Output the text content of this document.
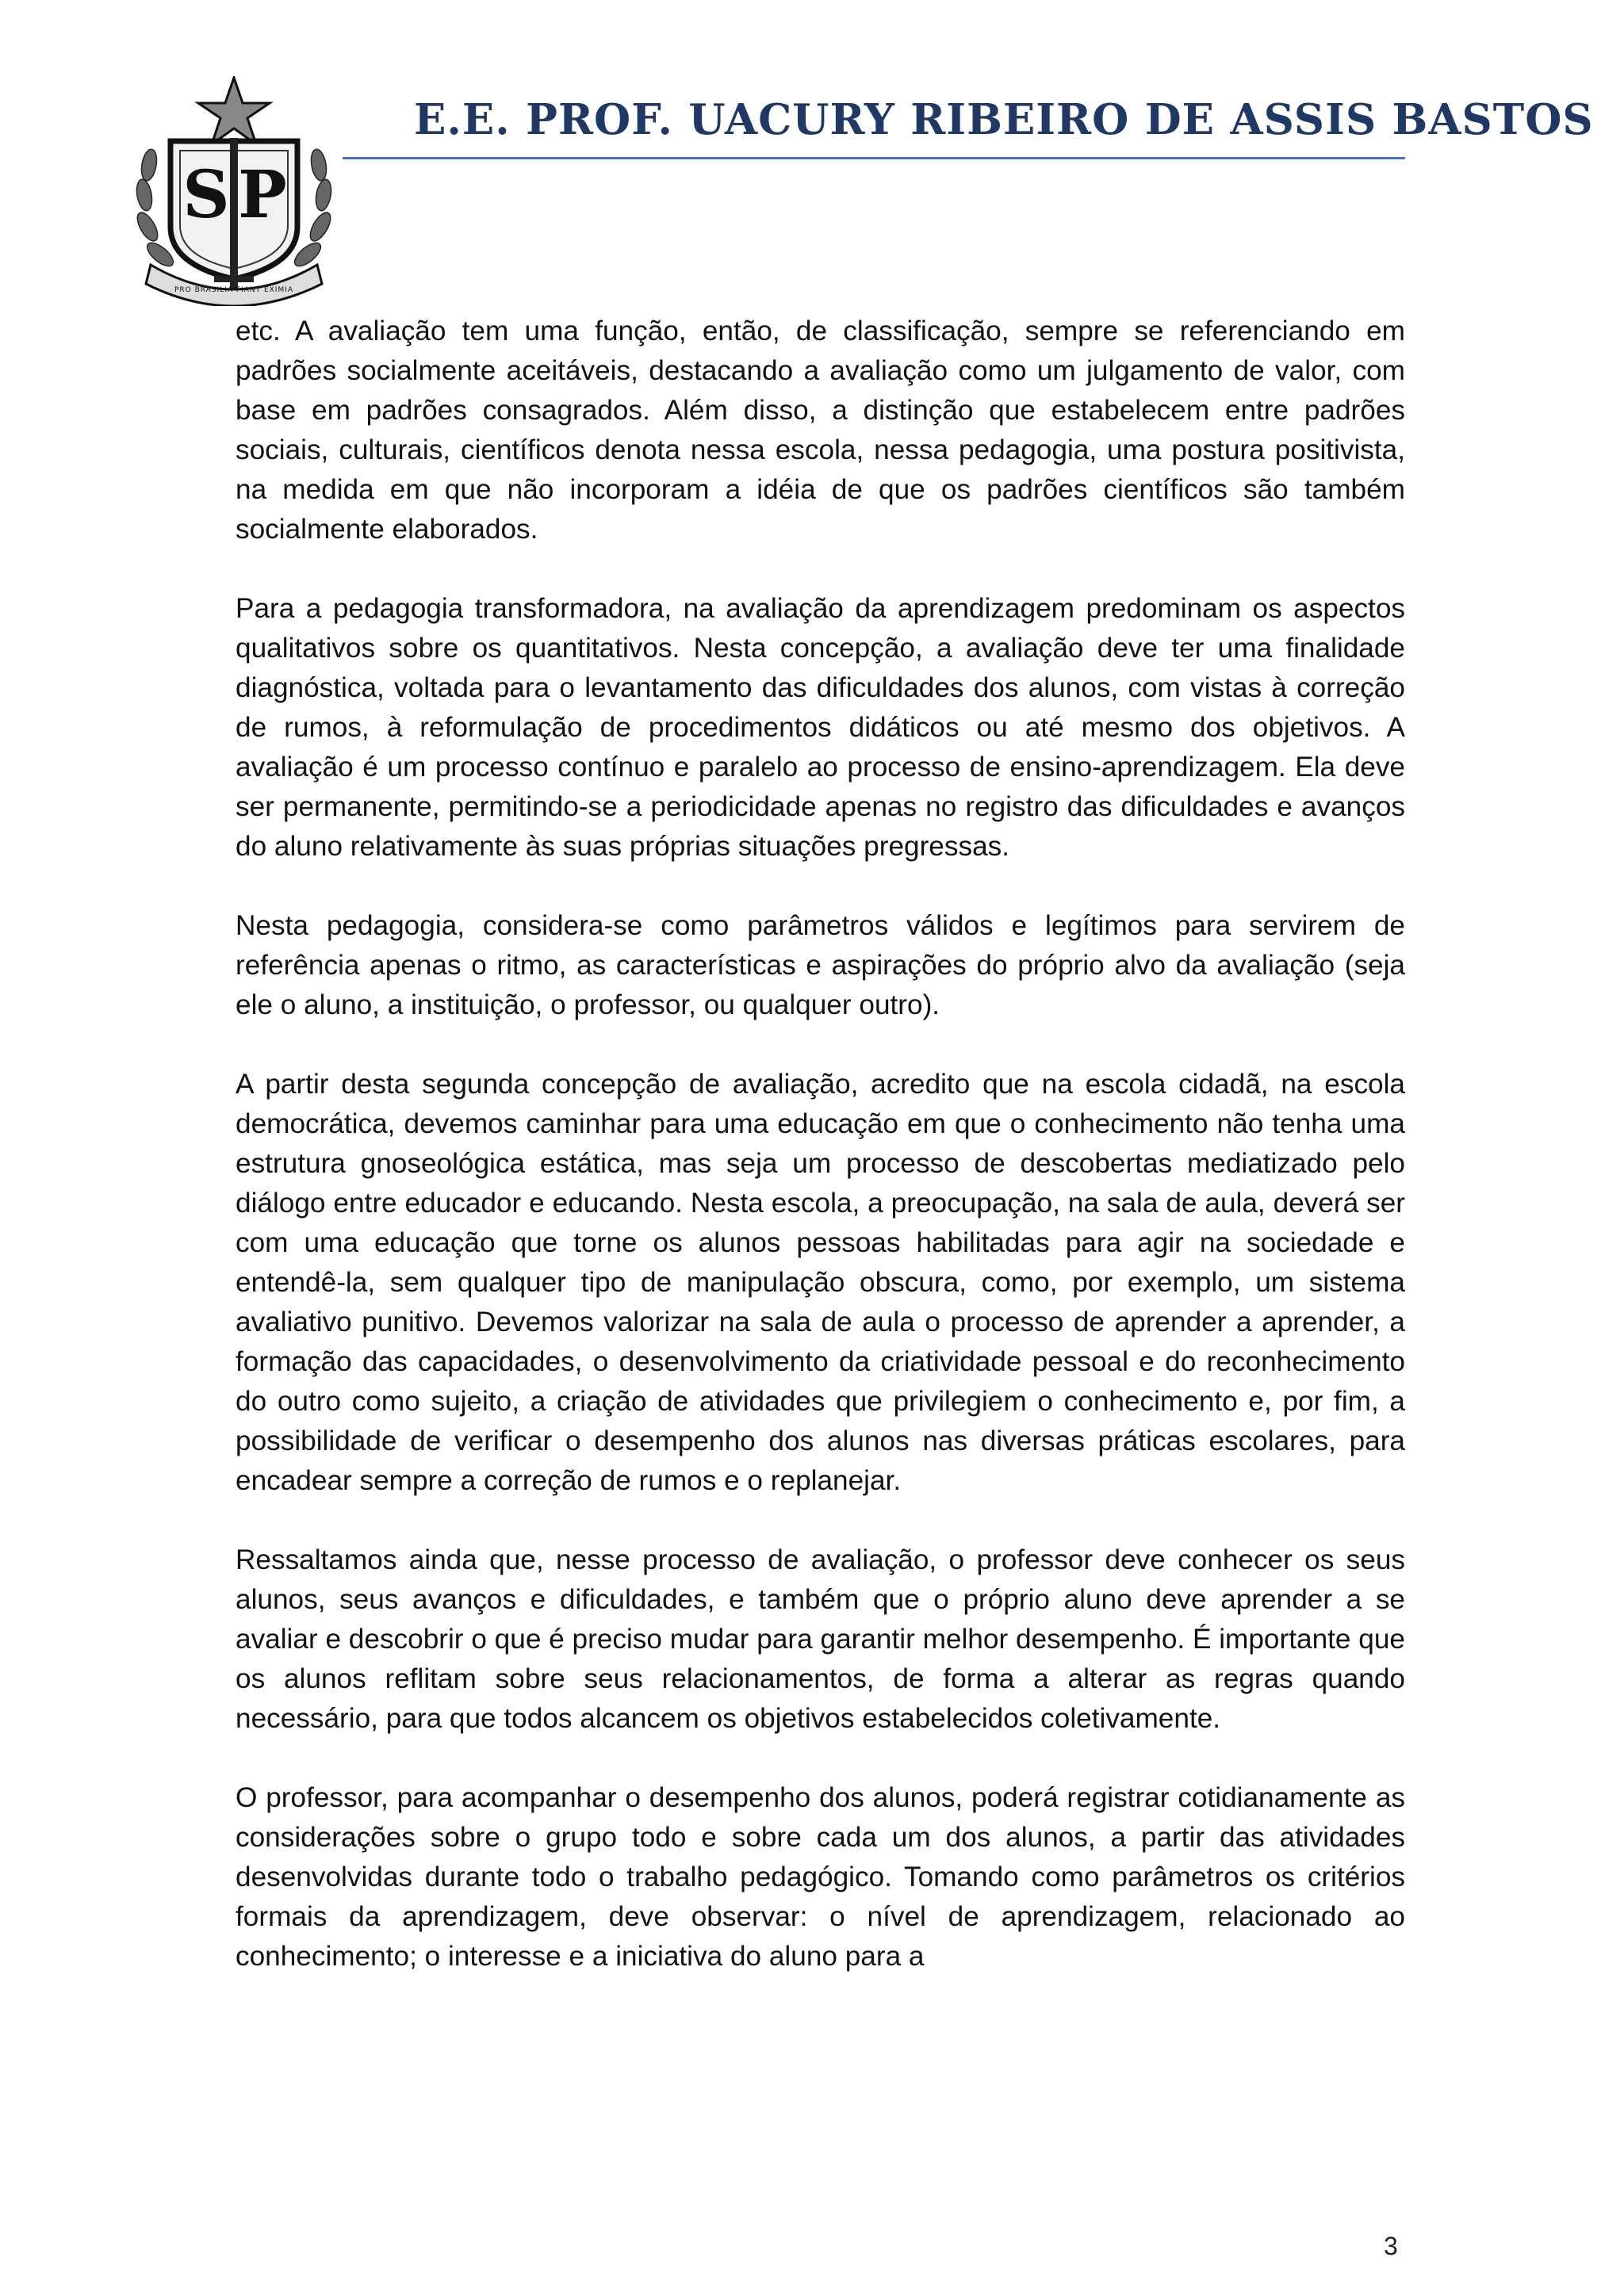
S P
PRO BRASILIA FIANT EXIMIA
E.E. PROF. UACURY RIBEIRO DE ASSIS BASTOS

etc. A avaliação tem uma função, então, de classificação, sempre se referenciando em padrões socialmente aceitáveis, destacando a avaliação como um julgamento de valor, com base em padrões consagrados. Além disso, a distinção que estabelecem entre padrões sociais, culturais, científicos denota nessa escola, nessa pedagogia, uma postura positivista, na medida em que não incorporam a idéia de que os padrões científicos são também socialmente elaborados.

Para a pedagogia transformadora, na avaliação da aprendizagem predominam os aspectos qualitativos sobre os quantitativos. Nesta concepção, a avaliação deve ter uma finalidade diagnóstica, voltada para o levantamento das dificuldades dos alunos, com vistas à correção de rumos, à reformulação de procedimentos didáticos ou até mesmo dos objetivos. A avaliação é um processo contínuo e paralelo ao processo de ensino-aprendizagem. Ela deve ser permanente, permitindo-se a periodicidade apenas no registro das dificuldades e avanços do aluno relativamente às suas próprias situações pregressas.

Nesta pedagogia, considera-se como parâmetros válidos e legítimos para servirem de referência apenas o ritmo, as características e aspirações do próprio alvo da avaliação (seja ele o aluno, a instituição, o professor, ou qualquer outro).

A partir desta segunda concepção de avaliação, acredito que na escola cidadã, na escola democrática, devemos caminhar para uma educação em que o conhecimento não tenha uma estrutura gnoseológica estática, mas seja um processo de descobertas mediatizado pelo diálogo entre educador e educando. Nesta escola, a preocupação, na sala de aula, deverá ser com uma educação que torne os alunos pessoas habilitadas para agir na sociedade e entendê-la, sem qualquer tipo de manipulação obscura, como, por exemplo, um sistema avaliativo punitivo. Devemos valorizar na sala de aula o processo de aprender a aprender, a formação das capacidades, o desenvolvimento da criatividade pessoal e do reconhecimento do outro como sujeito, a criação de atividades que privilegiem o conhecimento e, por fim, a possibilidade de verificar o desempenho dos alunos nas diversas práticas escolares, para encadear sempre a correção de rumos e o replanejar.

Ressaltamos ainda que, nesse processo de avaliação, o professor deve conhecer os seus alunos, seus avanços e dificuldades, e também que o próprio aluno deve aprender a se avaliar e descobrir o que é preciso mudar para garantir melhor desempenho. É importante que os alunos reflitam sobre seus relacionamentos, de forma a alterar as regras quando necessário, para que todos alcancem os objetivos estabelecidos coletivamente.

O professor, para acompanhar o desempenho dos alunos, poderá registrar cotidianamente as considerações sobre o grupo todo e sobre cada um dos alunos, a partir das atividades desenvolvidas durante todo o trabalho pedagógico. Tomando como parâmetros os critérios formais da aprendizagem, deve observar: o nível de aprendizagem, relacionado ao conhecimento; o interesse e a iniciativa do aluno para a

3
